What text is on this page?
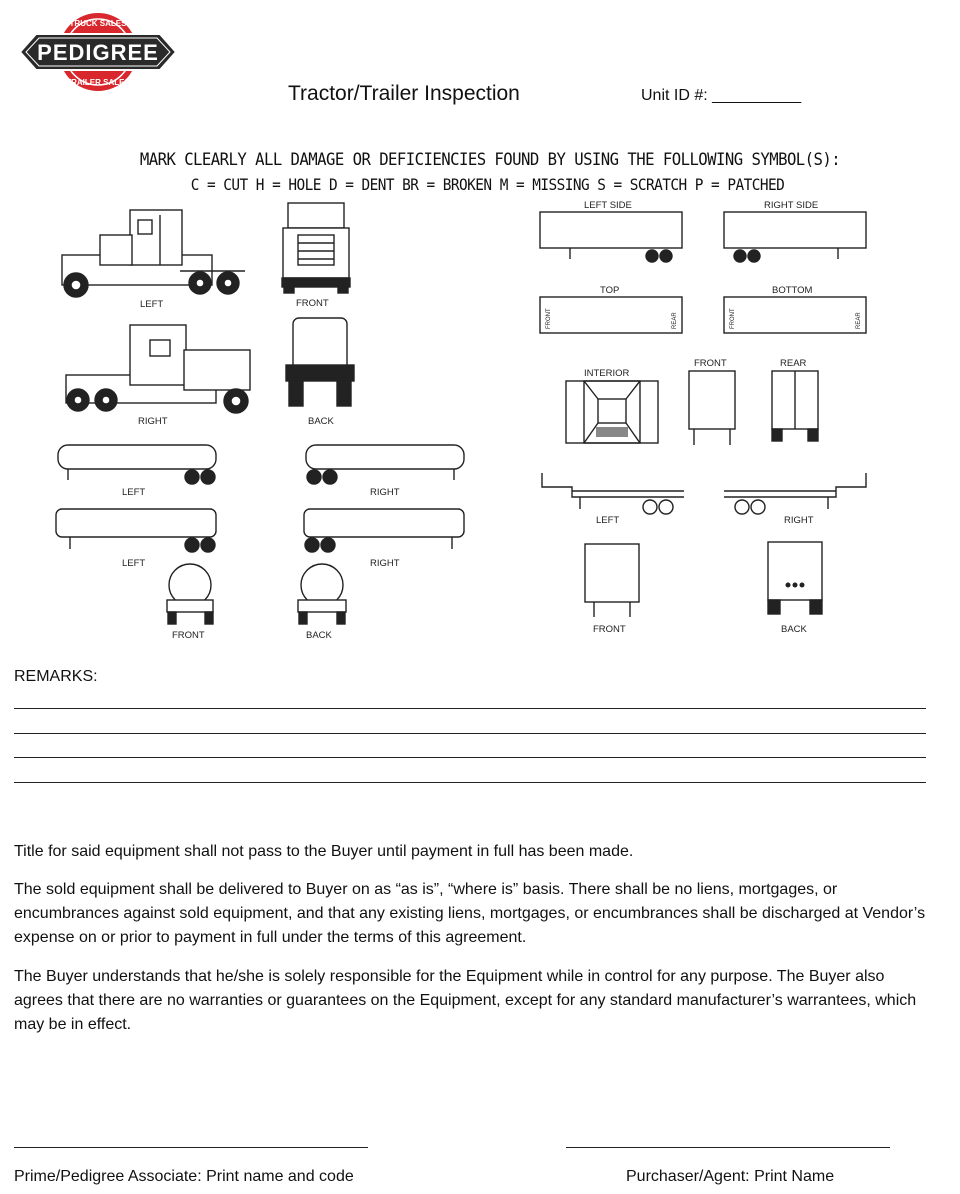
PEDIGREE
TRUCK SALES
TRAILER SALES	Tractor/Trailer Inspection	Unit ID #: __________
MARK CLEARLY ALL DAMAGE OR DEFICIENCIES FOUND BY USING THE FOLLOWING SYMBOL(S):
C = CUT H = HOLE D = DENT BR = BROKEN M = MISSING S = SCRATCH P = PATCHED
LEFT	FRONT
RIGHT	BACK
LEFT	RIGHT
LEFT	RIGHT
FRONT	BACK
LEFT SIDE	RIGHT SIDE
TOP
FRONT	REAR
BOTTOM
FRONT	REAR
INTERIOR
FRONT	REAR
LEFT	RIGHT
FRONT	BACK
REMARKS:

Title for said equipment shall not pass to the Buyer until payment in full has been made.

The sold equipment shall be delivered to Buyer on as “as is”, “where is” basis. There shall be no liens, mortgages, or encumbrances against sold equipment, and that any existing liens, mortgages, or encumbrances shall be discharged at Vendor’s expense on or prior to payment in full under the terms of this agreement.

The Buyer understands that he/she is solely responsible for the Equipment while in control for any purpose. The Buyer also agrees that there are no warranties or guarantees on the Equipment, except for any standard manufacturer’s warrantees, which may be in effect.

Prime/Pedigree Associate: Print name and code	Purchaser/Agent: Print Name
